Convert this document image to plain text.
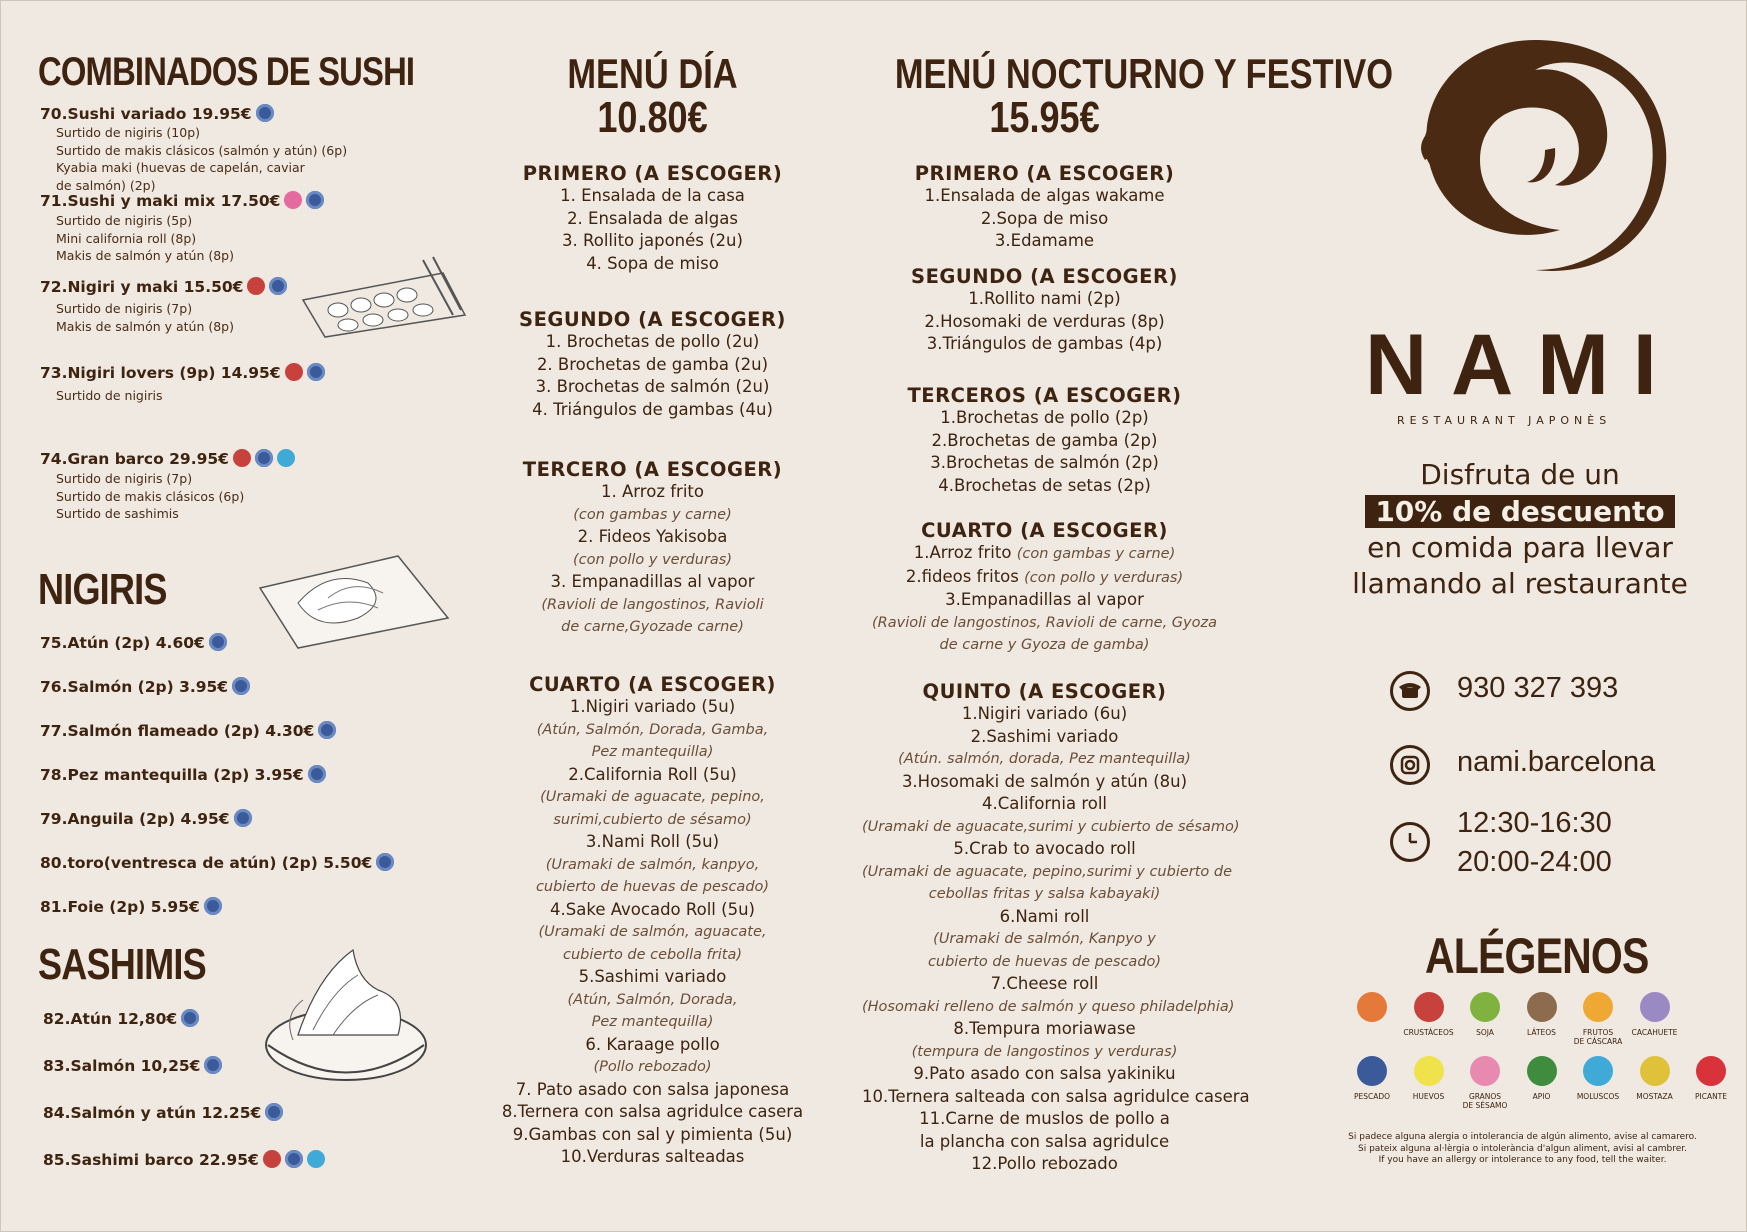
COMBINADOS DE SUSHI
70.Sushi variado 19.95€
Surtido de nigiris (10p)
Surtido de makis clásicos (salmón y atún) (6p)
Kyabia maki (huevas de capelán, caviar
de salmón) (2p)
71.Sushi y maki mix 17.50€
Surtido de nigiris (5p)
Mini california roll (8p)
Makis de salmón y atún (8p)
72.Nigiri y maki 15.50€
Surtido de nigiris (7p)
Makis de salmón y atún (8p)
73.Nigiri lovers (9p) 14.95€
Surtido de nigiris
74.Gran barco 29.95€
Surtido de nigiris (7p)
Surtido de makis clásicos (6p)
Surtido de sashimis
NIGIRIS
75.Atún (2p) 4.60€
76.Salmón (2p) 3.95€
77.Salmón flameado (2p) 4.30€
78.Pez mantequilla (2p) 3.95€
79.Anguila (2p) 4.95€
80.toro(ventresca de atún) (2p) 5.50€
81.Foie (2p) 5.95€
SASHIMIS
82.Atún 12,80€
83.Salmón 10,25€
84.Salmón y atún 12.25€
85.Sashimi barco 22.95€
MENÚ DÍA
10.80€
PRIMERO (A ESCOGER)
1. Ensalada de la casa
2. Ensalada de algas
3. Rollito japonés (2u)
4. Sopa de miso
SEGUNDO (A ESCOGER)
1. Brochetas de pollo (2u)
2. Brochetas de gamba (2u)
3. Brochetas de salmón (2u)
4. Triángulos de gambas (4u)
TERCERO (A ESCOGER)
1. Arroz frito
(con gambas y carne)
2. Fideos Yakisoba
(con pollo y verduras)
3. Empanadillas al vapor
(Ravioli de langostinos, Ravioli
de carne,Gyozade carne)
CUARTO (A ESCOGER)
1.Nigiri variado (5u)
(Atún, Salmón, Dorada, Gamba,
Pez mantequilla)
2.California Roll (5u)
(Uramaki de aguacate, pepino,
surimi,cubierto de sésamo)
3.Nami Roll (5u)
(Uramaki de salmón, kanpyo,
cubierto de huevas de pescado)
4.Sake Avocado Roll (5u)
(Uramaki de salmón, aguacate,
cubierto de cebolla frita)
5.Sashimi variado
(Atún, Salmón, Dorada,
Pez mantequilla)
6. Karaage pollo
(Pollo rebozado)
7. Pato asado con salsa japonesa
8.Ternera con salsa agridulce casera
9.Gambas con sal y pimienta (5u)
10.Verduras salteadas
MENÚ NOCTURNO Y FESTIVO
15.95€
PRIMERO (A ESCOGER)
1.Ensalada de algas wakame
2.Sopa de miso
3.Edamame
SEGUNDO (A ESCOGER)
1.Rollito nami (2p)
2.Hosomaki de verduras (8p)
3.Triángulos de gambas (4p)
TERCEROS (A ESCOGER)
1.Brochetas de pollo (2p)
2.Brochetas de gamba (2p)
3.Brochetas de salmón (2p)
4.Brochetas de setas (2p)
CUARTO (A ESCOGER)
1.Arroz frito (con gambas y carne)
2.fideos fritos (con pollo y verduras)
3.Empanadillas al vapor
(Ravioli de langostinos, Ravioli de carne, Gyoza
de carne y Gyoza de gamba)
QUINTO (A ESCOGER)
1.Nigiri variado (6u)
2.Sashimi variado
(Atún. salmón, dorada, Pez mantequilla)
3.Hosomaki de salmón y atún (8u)
4.California roll
(Uramaki de aguacate,surimi y cubierto de sésamo)
5.Crab to avocado roll
(Uramaki de aguacate, pepino,surimi y cubierto de
cebollas fritas y salsa kabayaki)
6.Nami roll
(Uramaki de salmón, Kanpyo y
cubierto de huevas de pescado)
7.Cheese roll
(Hosomaki relleno de salmón y queso philadelphia)
8.Tempura moriawase
(tempura de langostinos y verduras)
9.Pato asado con salsa yakiniku
10.Ternera salteada con salsa agridulce casera
11.Carne de muslos de pollo a
la plancha con salsa agridulce
12.Pollo rebozado
NAMI
RESTAURANT JAPONÈS
Disfruta de un
10% de descuento
en comida para llevar
llamando al restaurante
930 327 393
nami.barcelona
12:30-16:30
20:00-24:00
ALÉGENOS
Si padece alguna alergia o intolerancia de algún alimento, avise al camarero.
Si pateix alguna al·lèrgia o intolerància d'algun aliment, avisi al cambrer.
If you have an allergy or intolerance to any food, tell the waiter.
CRUSTÁCEOS	SOJA	LÁTEOS	FRUTOS
DE CÁSCARA
CACAHUETE
PESCADO	HUEVOS	GRANOS
DE SÉSAMO
APIO	MOLUSCOS	MOSTAZA	PICANTE
